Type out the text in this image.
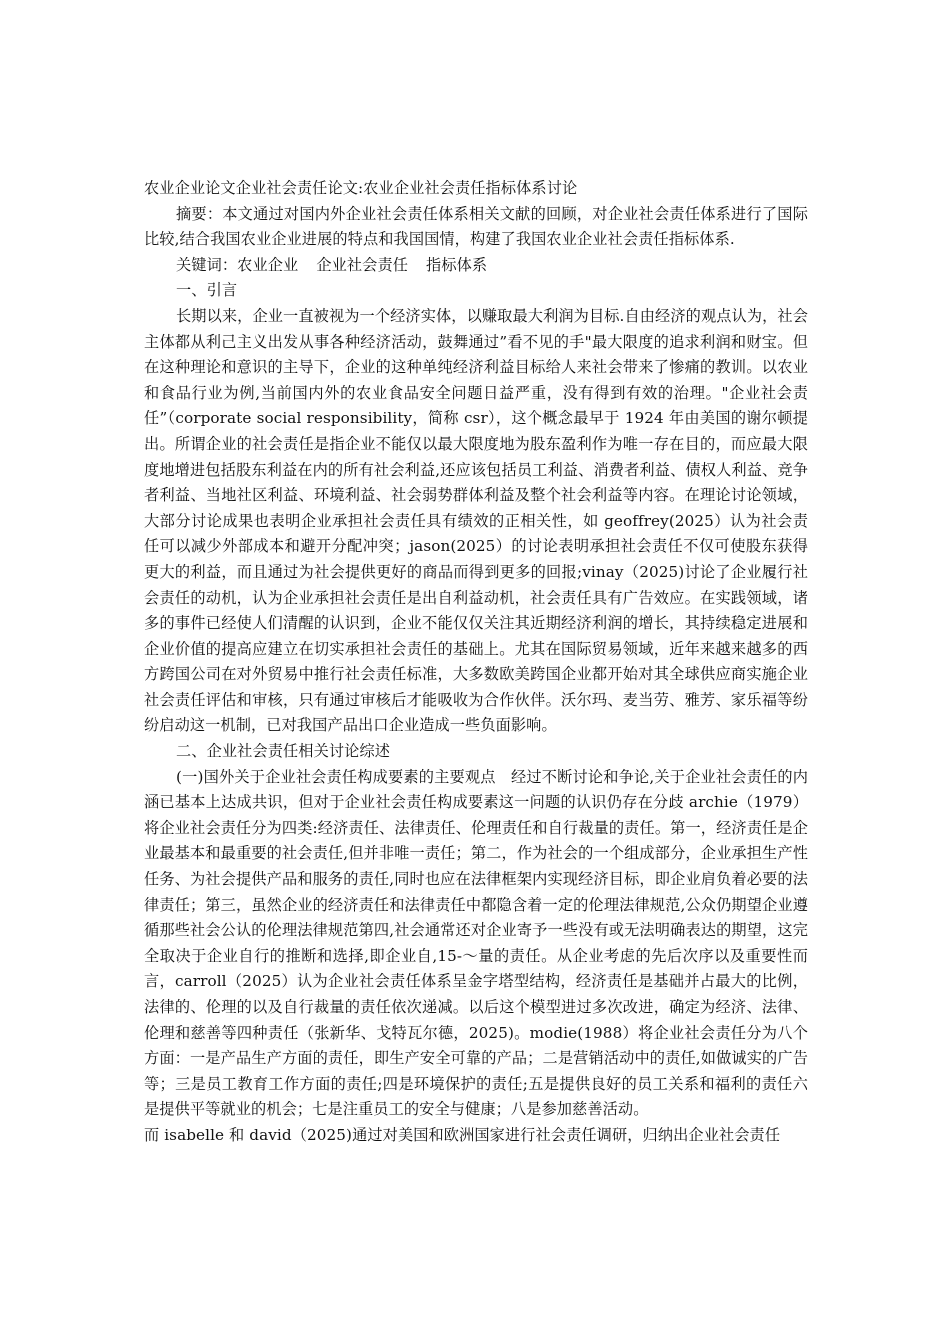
农业企业论文企业社会责任论文:农业企业社会责任指标体系讨论

摘要：本文通过对国内外企业社会责任体系相关文献的回顾，对企业社会责任体系进行了国际比较,结合我国农业企业进展的特点和我国国情，构建了我国农业企业社会责任指标体系.

关键词：农业企业 企业社会责任 指标体系

一、引言

长期以来，企业一直被视为一个经济实体，以赚取最大利润为目标.自由经济的观点认为，社会主体都从利己主义出发从事各种经济活动，鼓舞通过”看不见的手"最大限度的追求利润和财宝。但在这种理论和意识的主导下，企业的这种单纯经济利益目标给人来社会带来了惨痛的教训。以农业和食品行业为例,当前国内外的农业食品安全问题日益严重，没有得到有效的治理。"企业社会责任”（corporate social responsibility，简称 csr），这个概念最早于 1924 年由美国的谢尔顿提出。所谓企业的社会责任是指企业不能仅以最大限度地为股东盈利作为唯一存在目的，而应最大限度地增进包括股东利益在内的所有社会利益,还应该包括员工利益、消费者利益、债权人利益、竞争者利益、当地社区利益、环境利益、社会弱势群体利益及整个社会利益等内容。在理论讨论领域，大部分讨论成果也表明企业承担社会责任具有绩效的正相关性，如 geoffrey(2025）认为社会责任可以减少外部成本和避开分配冲突；jason(2025）的讨论表明承担社会责任不仅可使股东获得更大的利益，而且通过为社会提供更好的商品而得到更多的回报;vinay（2025)讨论了企业履行社会责任的动机，认为企业承担社会责任是出自利益动机，社会责任具有广告效应。在实践领域，诸多的事件已经使人们清醒的认识到，企业不能仅仅关注其近期经济利润的增长，其持续稳定进展和企业价值的提高应建立在切实承担社会责任的基础上。尤其在国际贸易领域，近年来越来越多的西方跨国公司在对外贸易中推行社会责任标准，大多数欧美跨国企业都开始对其全球供应商实施企业社会责任评估和审核，只有通过审核后才能吸收为合作伙伴。沃尔玛、麦当劳、雅芳、家乐福等纷纷启动这一机制，已对我国产品出口企业造成一些负面影响。

二、企业社会责任相关讨论综述

(一)国外关于企业社会责任构成要素的主要观点　经过不断讨论和争论,关于企业社会责任的内涵已基本上达成共识，但对于企业社会责任构成要素这一问题的认识仍存在分歧 archie（1979）将企业社会责任分为四类:经济责任、法律责任、伦理责任和自行裁量的责任。第一，经济责任是企业最基本和最重要的社会责任,但并非唯一责任；第二，作为社会的一个组成部分，企业承担生产性任务、为社会提供产品和服务的责任,同时也应在法律框架内实现经济目标，即企业肩负着必要的法律责任；第三，虽然企业的经济责任和法律责任中都隐含着一定的伦理法律规范,公众仍期望企业遵循那些社会公认的伦理法律规范第四,社会通常还对企业寄予一些没有或无法明确表达的期望，这完全取决于企业自行的推断和选择,即企业自,15-～量的责任。从企业考虑的先后次序以及重要性而言，carroll（2025）认为企业社会责任体系呈金字塔型结构，经济责任是基础并占最大的比例，法律的、伦理的以及自行裁量的责任依次递减。以后这个模型进过多次改进，确定为经济、法律、伦理和慈善等四种责任（张新华、戈特瓦尔德，2025)。modie(1988）将企业社会责任分为八个方面：一是产品生产方面的责任，即生产安全可靠的产品；二是营销活动中的责任,如做诚实的广告等；三是员工教育工作方面的责任;四是环境保护的责任;五是提供良好的员工关系和福利的责任六是提供平等就业的机会；七是注重员工的安全与健康；八是参加慈善活动。

而 isabelle 和 david（2025)通过对美国和欧洲国家进行社会责任调研，归纳出企业社会责任
